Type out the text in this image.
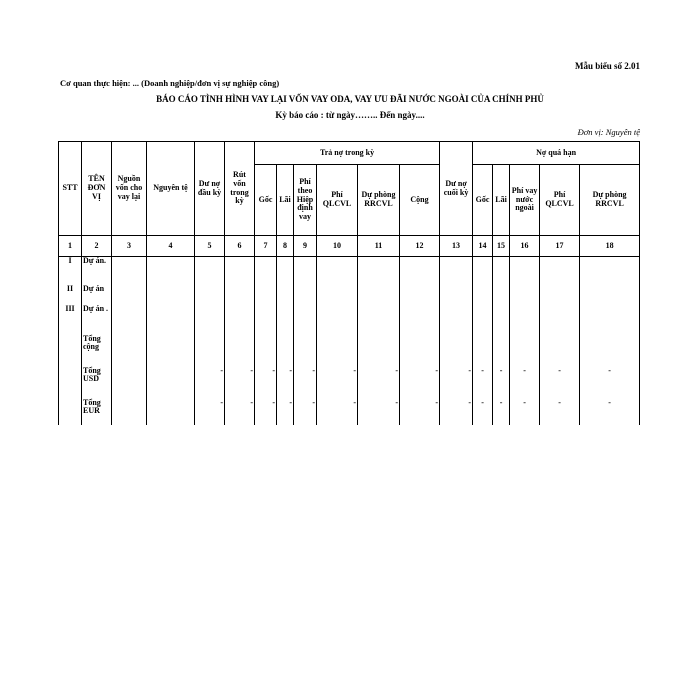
Mẫu biểu số 2.01
Cơ quan thực hiện: ... (Doanh nghiệp/đơn vị sự nghiệp công)
BÁO CÁO TÌNH HÌNH VAY LẠI VỐN VAY ODA, VAY ƯU ĐÃI NƯỚC NGOÀI CỦA CHÍNH PHỦ
Kỳ báo cáo : từ ngày…….. Đến ngày....
Đơn vị: Nguyên tệ
STT	TÊN ĐƠN VỊ	Nguồn vốn cho vay lại	Nguyên tệ	Dư nợ đầu kỳ	Rút vốn trong kỳ	Trả nợ trong kỳ						Dư nợ cuối kỳ	Nợ quá hạn				
						Gốc	Lãi	Phí theo Hiệp định vay	Phí QLCVL	Dự phòng RRCVL	Cộng		Gốc	Lãi	Phí vay nước ngoài	Phí QLCVL	Dự phòng RRCVL
1	2	3	4	5	6	7	8	9	10	11	12	13	14	15	16	17	18
I	Dự án.																
II	Dự án																
III	Dự án .																
	Tổng cộng																
	Tổng USD			-	-	-	-	-	-	-	-	-	-	-	-	-	-
	Tổng EUR			-	-	-	-	-	-	-	-	-	-	-	-	-	-
